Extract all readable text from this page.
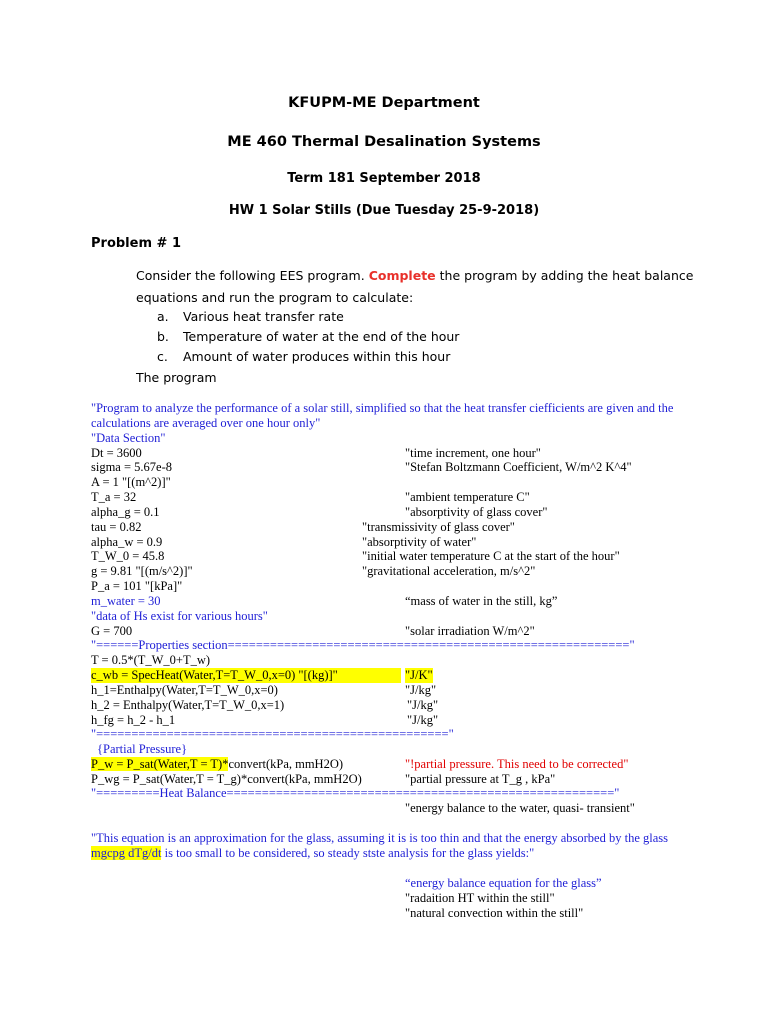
KFUPM-ME Department
ME 460 Thermal Desalination Systems
Term 181 September 2018
HW 1 Solar Stills (Due Tuesday 25-9-2018)
Problem # 1
Consider the following EES program. Complete the program by adding the heat balance
equations and run the program to calculate:
a. Various heat transfer rate
b. Temperature of water at the end of the hour
c. Amount of water produces within this hour
The program
"Program to analyze the performance of a solar still, simplified so that the heat transfer ciefficients are given and the
calculations are averaged over one hour only"
"Data Section"
Dt = 3600	"time increment, one hour"
sigma = 5.67e-8	"Stefan Boltzmann Coefficient, W/m^2 K^4"
A = 1 "[(m^2)]"
T_a = 32	"ambient temperature C"
alpha_g = 0.1	"absorptivity of glass cover"
tau = 0.82	"transmissivity of glass cover"
alpha_w = 0.9	"absorptivity of water"
T_W_0 = 45.8	"initial water temperature C at the start of the hour"
g = 9.81 "[(m/s^2)]"	"gravitational acceleration, m/s^2"
P_a = 101 "[kPa]"
m_water = 30	“mass of water in the still, kg”
"data of Hs exist for various hours"
G = 700	"solar irradiation W/m^2"
"======Properties section========================================================="
T = 0.5*(T_W_0+T_w)
c_wb = SpecHeat(Water,T=T_W_0,x=0) "[(kg)]"	"J/K"
h_1=Enthalpy(Water,T=T_W_0,x=0)	"J/kg"
h_2 = Enthalpy(Water,T=T_W_0,x=1)	"J/kg"
h_fg = h_2 - h_1	"J/kg"
"=================================================="
{Partial Pressure}
P_w = P_sat(Water,T = T)*convert(kPa, mmH2O)	"!partial pressure. This need to be corrected"
P_wg = P_sat(Water,T = T_g)*convert(kPa, mmH2O)	"partial pressure at T_g , kPa"
"=========Heat Balance======================================================="
"energy balance to the water, quasi- transient"
"This equation is an approximation for the glass, assuming it is is too thin and that the energy absorbed by the glass
mgcpg dTg/dt is too small to be considered, so steady stste analysis for the glass yields:"
“energy balance equation for the glass”
"radaition HT within the still"
"natural convection within the still"
